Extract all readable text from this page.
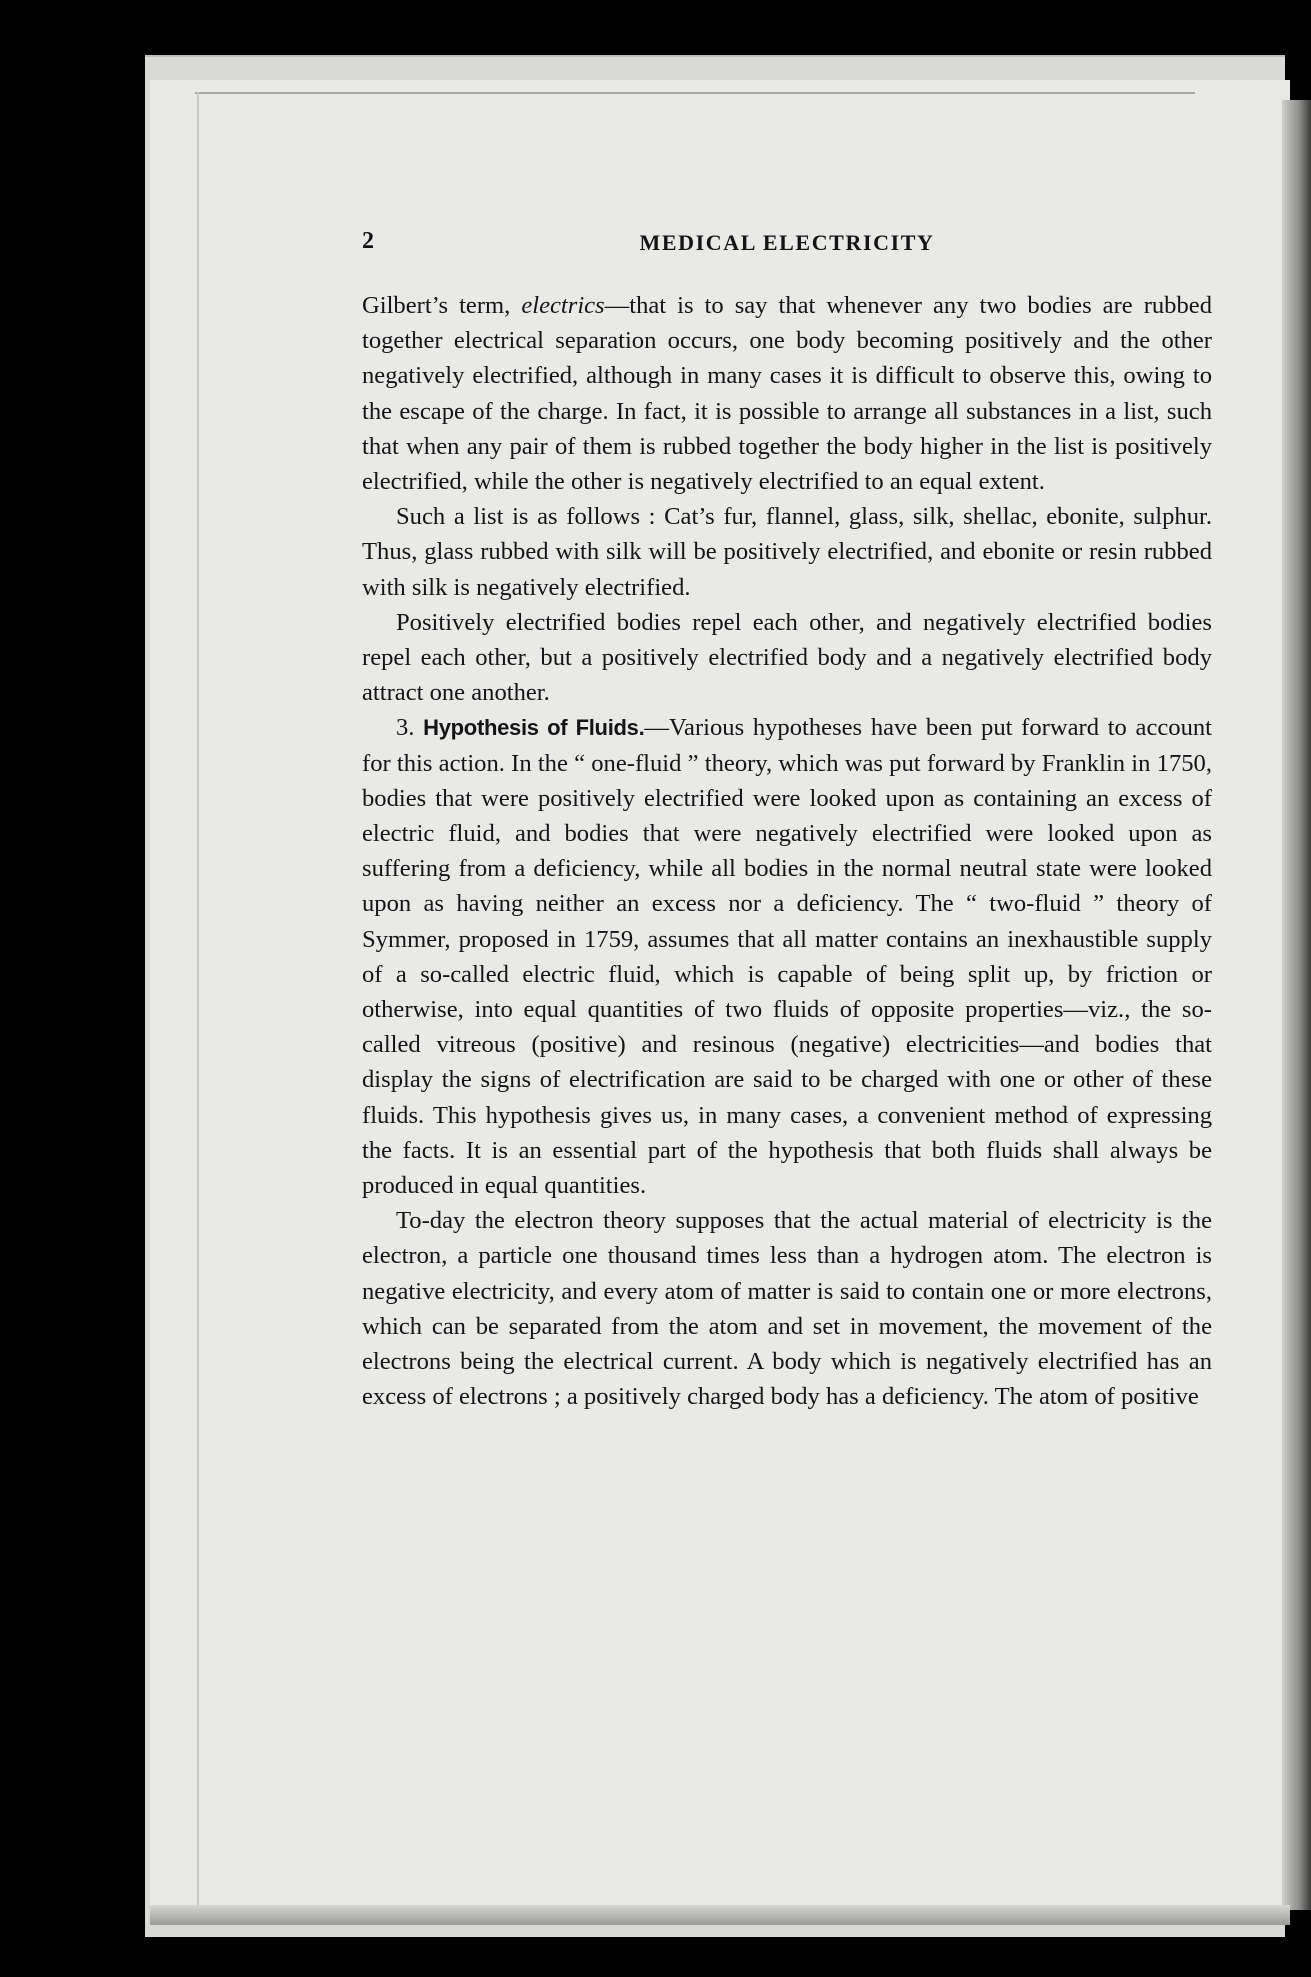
2	MEDICAL ELECTRICITY

Gilbert’s term, electrics—that is to say that whenever any two bodies are rubbed together electrical separation occurs, one body becoming positively and the other negatively electrified, although in many cases it is difficult to observe this, owing to the escape of the charge. In fact, it is possible to arrange all substances in a list, such that when any pair of them is rubbed together the body higher in the list is positively electrified, while the other is negatively electrified to an equal extent.

Such a list is as follows : Cat’s fur, flannel, glass, silk, shellac, ebonite, sulphur. Thus, glass rubbed with silk will be positively electrified, and ebonite or resin rubbed with silk is negatively electrified.

Positively electrified bodies repel each other, and negatively electrified bodies repel each other, but a positively electrified body and a negatively electrified body attract one another.

3. Hypothesis of Fluids.—Various hypotheses have been put forward to account for this action. In the “ one-fluid ” theory, which was put forward by Franklin in 1750, bodies that were positively electrified were looked upon as containing an excess of electric fluid, and bodies that were negatively electrified were looked upon as suffering from a deficiency, while all bodies in the normal neutral state were looked upon as having neither an excess nor a deficiency. The “ two-fluid ” theory of Symmer, proposed in 1759, assumes that all matter contains an inexhaustible supply of a so-called electric fluid, which is capable of being split up, by friction or otherwise, into equal quantities of two fluids of opposite properties—viz., the so-called vitreous (positive) and resinous (negative) electricities—and bodies that display the signs of electrification are said to be charged with one or other of these fluids. This hypothesis gives us, in many cases, a convenient method of expressing the facts. It is an essential part of the hypothesis that both fluids shall always be produced in equal quantities.

To-day the electron theory supposes that the actual material of electricity is the electron, a particle one thousand times less than a hydrogen atom. The electron is negative electricity, and every atom of matter is said to contain one or more electrons, which can be separated from the atom and set in movement, the movement of the electrons being the electrical current. A body which is negatively electrified has an excess of electrons ; a positively charged body has a deficiency. The atom of positive
